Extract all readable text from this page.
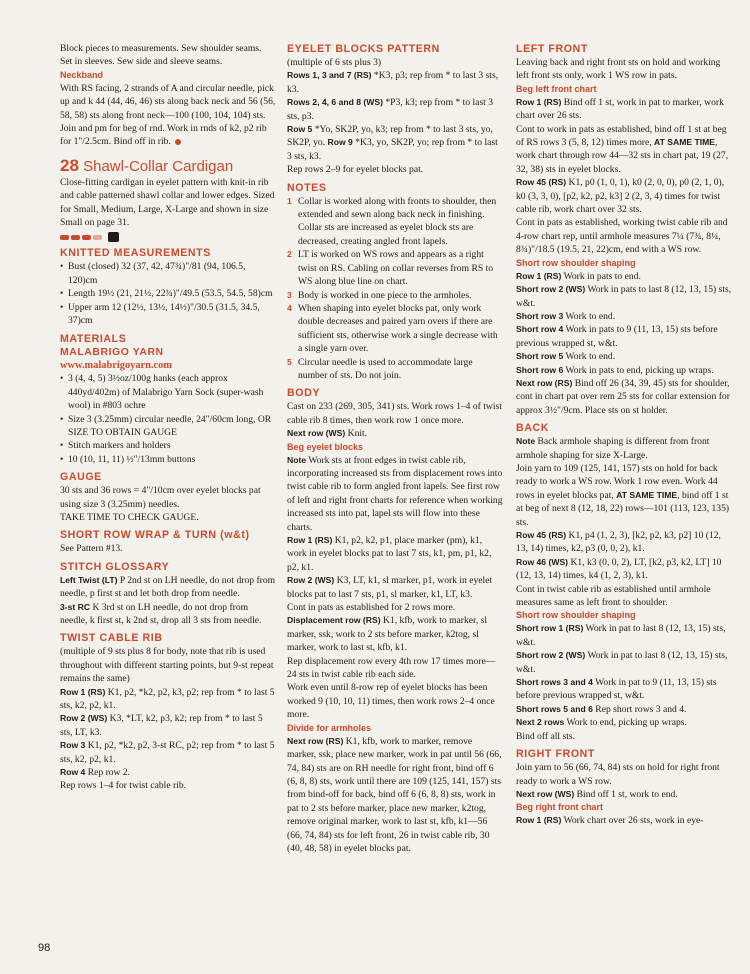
Block pieces to measurements. Sew shoulder seams. Set in sleeves. Sew side and sleeve seams.

Neckband

With RS facing, 2 strands of A and circular needle, pick up and k 44 (44, 46, 46) sts along back neck and 56 (56, 58, 58) sts along front neck—100 (100, 104, 104) sts. Join and pm for beg of rnd. Work in rnds of k2, p2 rib for 1"/2.5cm. Bind off in rib.

28 Shawl-Collar Cardigan

Close-fitting cardigan in eyelet pattern with knit-in rib and cable patterned shawl collar and lower edges. Sized for Small, Medium, Large, X-Large and shown in size Small on page 31.

KNITTED MEASUREMENTS
• Bust (closed) 32 (37, 42, 47¾)"/81 (94, 106.5, 120)cm
• Length 19½ (21, 21½, 22¾)"/49.5 (53.5, 54.5, 58)cm
• Upper arm 12 (12½, 13½, 14½)"/30.5 (31.5, 34.5, 37)cm
MATERIALS
MALABRIGO YARN
www.malabrigoyarn.com
• 3 (4, 4, 5) 3½oz/100g hanks (each approx 440yd/402m) of Malabrigo Yarn Sock (super-wash wool) in #803 ochre
• Size 3 (3.25mm) circular needle, 24"/60cm long, OR SIZE TO OBTAIN GAUGE
• Stitch markers and holders
• 10 (10, 11, 11) ½"/13mm buttons
GAUGE

30 sts and 36 rows = 4"/10cm over eyelet blocks pat using size 3 (3.25mm) needles.

TAKE TIME TO CHECK GAUGE.

SHORT ROW WRAP & TURN (w&t)

See Pattern #13.

STITCH GLOSSARY

Left Twist (LT) P 2nd st on LH needle, do not drop from needle, p first st and let both drop from needle.

3-st RC K 3rd st on LH needle, do not drop from needle, k first st, k 2nd st, drop all 3 sts from needle.

TWIST CABLE RIB

(multiple of 9 sts plus 8 for body, note that rib is used throughout with different starting points, but 9-st repeat remains the same)

Row 1 (RS) K1, p2, *k2, p2, k3, p2; rep from * to last 5 sts, k2, p2, k1.

Row 2 (WS) K3, *LT, k2, p3, k2; rep from * to last 5 sts, LT, k3.

Row 3 K1, p2, *k2, p2, 3-st RC, p2; rep from * to last 5 sts, k2, p2, k1.

Row 4 Rep row 2.

Rep rows 1–4 for twist cable rib.

EYELET BLOCKS PATTERN

(multiple of 6 sts plus 3)

Rows 1, 3 and 7 (RS) *K3, p3; rep from * to last 3 sts, k3.

Rows 2, 4, 6 and 8 (WS) *P3, k3; rep from * to last 3 sts, p3.

Row 5 *Yo, SK2P, yo, k3; rep from * to last 3 sts, yo, SK2P, yo. Row 9 *K3, yo, SK2P, yo; rep from * to last 3 sts, k3.

Rep rows 2–9 for eyelet blocks pat.

NOTES
1 Collar is worked along with fronts to shoulder, then extended and sewn along back neck in finishing. Collar sts are increased as eyelet block sts are decreased, creating angled front lapels.
2 LT is worked on WS rows and appears as a right twist on RS. Cabling on collar reverses from RS to WS along blue line on chart.
3 Body is worked in one piece to the armholes.
4 When shaping into eyelet blocks pat, only work double decreases and paired yarn overs if there are sufficient sts, otherwise work a single decrease with a single yarn over.
5 Circular needle is used to accommodate large number of sts. Do not join.
BODY

Cast on 233 (269, 305, 341) sts. Work rows 1–4 of twist cable rib 8 times, then work row 1 once more.

Next row (WS) Knit.

Beg eyelet blocks

Note Work sts at front edges in twist cable rib, incorporating increased sts from displacement rows into twist cable rib to form angled front lapels. See first row of left and right front charts for reference when working increased sts into pat, lapel sts will flow into these charts.

Row 1 (RS) K1, p2, k2, p1, place marker (pm), k1, work in eyelet blocks pat to last 7 sts, k1, pm, p1, k2, p2, k1.

Row 2 (WS) K3, LT, k1, sl marker, p1, work in eyelet blocks pat to last 7 sts, p1, sl marker, k1, LT, k3.

Cont in pats as established for 2 rows more.

Displacement row (RS) K1, kfb, work to marker, sl marker, ssk, work to 2 sts before marker, k2tog, sl marker, work to last st, kfb, k1.

Rep displacement row every 4th row 17 times more—24 sts in twist cable rib each side.

Work even until 8-row rep of eyelet blocks has been worked 9 (10, 10, 11) times, then work rows 2–4 once more.

Divide for armholes

Next row (RS) K1, kfb, work to marker, remove marker, ssk, place new marker, work in pat until 56 (66, 74, 84) sts are on RH needle for right front, bind off 6 (6, 8, 8) sts, work until there are 109 (125, 141, 157) sts from bind-off for back, bind off 6 (6, 8, 8) sts, work in pat to 2 sts before marker, place new marker, k2tog, remove original marker, work to last st, kfb, k1—56 (66, 74, 84) sts for left front, 26 in twist cable rib, 30 (40, 48, 58) in eyelet blocks pat.

LEFT FRONT

Leaving back and right front sts on hold and working left front sts only, work 1 WS row in pats.

Beg left front chart

Row 1 (RS) Bind off 1 st, work in pat to marker, work chart over 26 sts.

Cont to work in pats as established, bind off 1 st at beg of RS rows 3 (5, 8, 12) times more, AT SAME TIME, work chart through row 44—32 sts in chart pat, 19 (27, 32, 38) sts in eyelet blocks.

Row 45 (RS) K1, p0 (1, 0, 1), k0 (2, 0, 0), p0 (2, 1, 0), k0 (3, 3, 0), [p2, k2, p2, k3] 2 (2, 3, 4) times for twist cable rib, work chart over 32 sts.

Cont in pats as established, working twist cable rib and 4-row chart rep, until armhole measures 7¼ (7¾, 8¼, 8¾)"/18.5 (19.5, 21, 22)cm, end with a WS row.

Short row shoulder shaping

Row 1 (RS) Work in pats to end.

Short row 2 (WS) Work in pats to last 8 (12, 13, 15) sts, w&t.

Short row 3 Work to end.

Short row 4 Work in pats to 9 (11, 13, 15) sts before previous wrapped st, w&t.

Short row 5 Work to end.

Short row 6 Work in pats to end, picking up wraps.

Next row (RS) Bind off 26 (34, 39, 45) sts for shoulder, cont in chart pat over rem 25 sts for collar extension for approx 3½"/9cm. Place sts on st holder.

BACK

Note Back armhole shaping is different from front armhole shaping for size X-Large.

Join yarn to 109 (125, 141, 157) sts on hold for back ready to work a WS row. Work 1 row even. Work 44 rows in eyelet blocks pat, AT SAME TIME, bind off 1 st at beg of next 8 (12, 18, 22) rows—101 (113, 123, 135) sts.

Row 45 (RS) K1, p4 (1, 2, 3), [k2, p2, k3, p2] 10 (12, 13, 14) times, k2, p3 (0, 0, 2), k1.

Row 46 (WS) K1, k3 (0, 0, 2), LT, [k2, p3, k2, LT] 10 (12, 13, 14) times, k4 (1, 2, 3), k1.

Cont in twist cable rib as established until armhole measures same as left front to shoulder.

Short row shoulder shaping

Short row 1 (RS) Work in pat to last 8 (12, 13, 15) sts, w&t.

Short row 2 (WS) Work in pat to last 8 (12, 13, 15) sts, w&t.

Short rows 3 and 4 Work in pat to 9 (11, 13, 15) sts before previous wrapped st, w&t.

Short rows 5 and 6 Rep short rows 3 and 4.

Next 2 rows Work to end, picking up wraps.

Bind off all sts.

RIGHT FRONT

Join yarn to 56 (66, 74, 84) sts on hold for right front ready to work a WS row.

Next row (WS) Bind off 1 st, work to end.

Beg right front chart

Row 1 (RS) Work chart over 26 sts, work in eye-

98
